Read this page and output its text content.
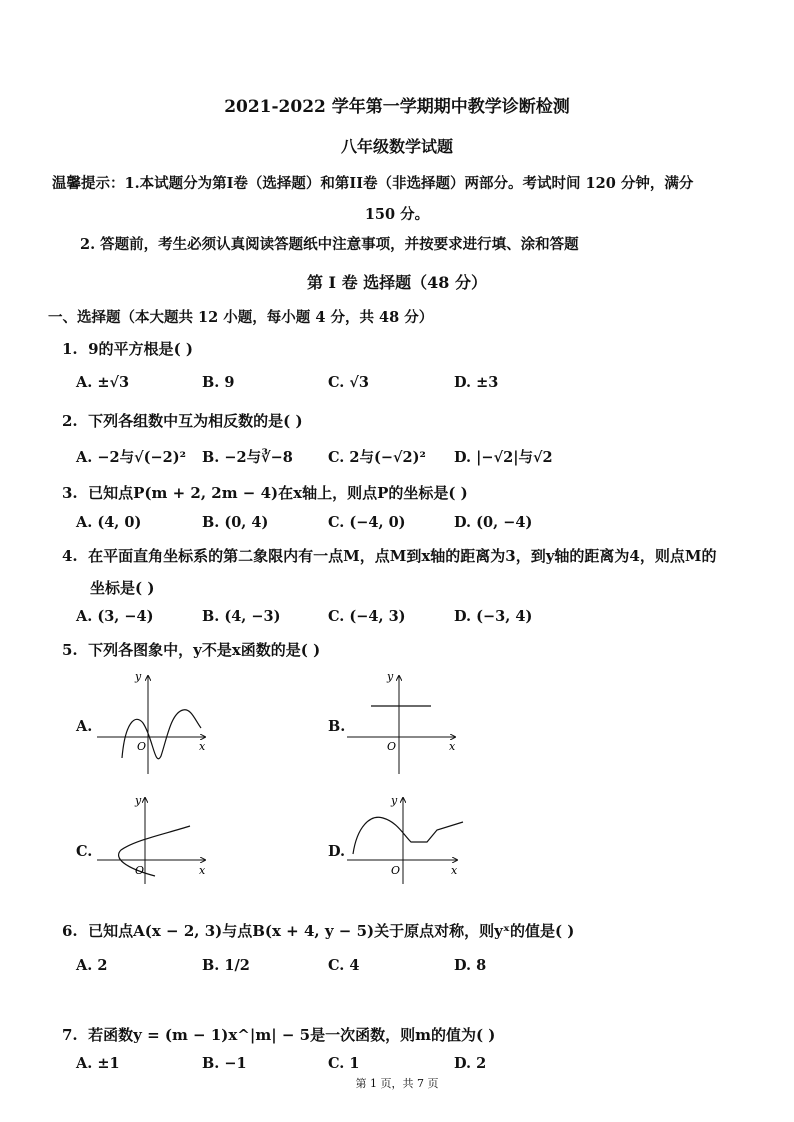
2021-2022 学年第一学期期中教学诊断检测
八年级数学试题
温馨提示：1.本试题分为第I卷（选择题）和第II卷（非选择题）两部分。考试时间 120 分钟，满分
150 分。
2. 答题前，考生必须认真阅读答题纸中注意事项，并按要求进行填、涂和答题
第 Ⅰ 卷 选择题（48 分）
一、选择题（本大题共 12 小题，每小题 4 分，共 48 分）
1. 9的平方根是( )
A. ±√3	B. 9	C. √3	D. ±3
2. 下列各组数中互为相反数的是( )
A. −2与√(−2)² B. −2与∛−8 C. 2与(−√2)² D. |−√2|与√2
3. 已知点P(m + 2, 2m − 4)在x轴上，则点P的坐标是( )
A. (4, 0)	B. (0, 4)	C. (−4, 0)	D. (0, −4)
4. 在平面直角坐标系的第二象限内有一点M，点M到x轴的距离为3，到y轴的距离为4，则点M的
坐标是( )
A. (3, −4)	B. (4, −3)	C. (−4, 3)	D. (−3, 4)
5. 下列各图象中，y不是x函数的是( )
A.	B.
C.	D.
y
O	x
y
O	x
y
O	x
y
O	x
6. 已知点A(x − 2, 3)与点B(x + 4, y − 5)关于原点对称，则yˣ的值是( )
A. 2	B. 1/2	C. 4	D. 8
7. 若函数y = (m − 1)x^|m| − 5是一次函数，则m的值为( )
A. ±1	B. −1	C. 1	D. 2
第 1 页，共 7 页
